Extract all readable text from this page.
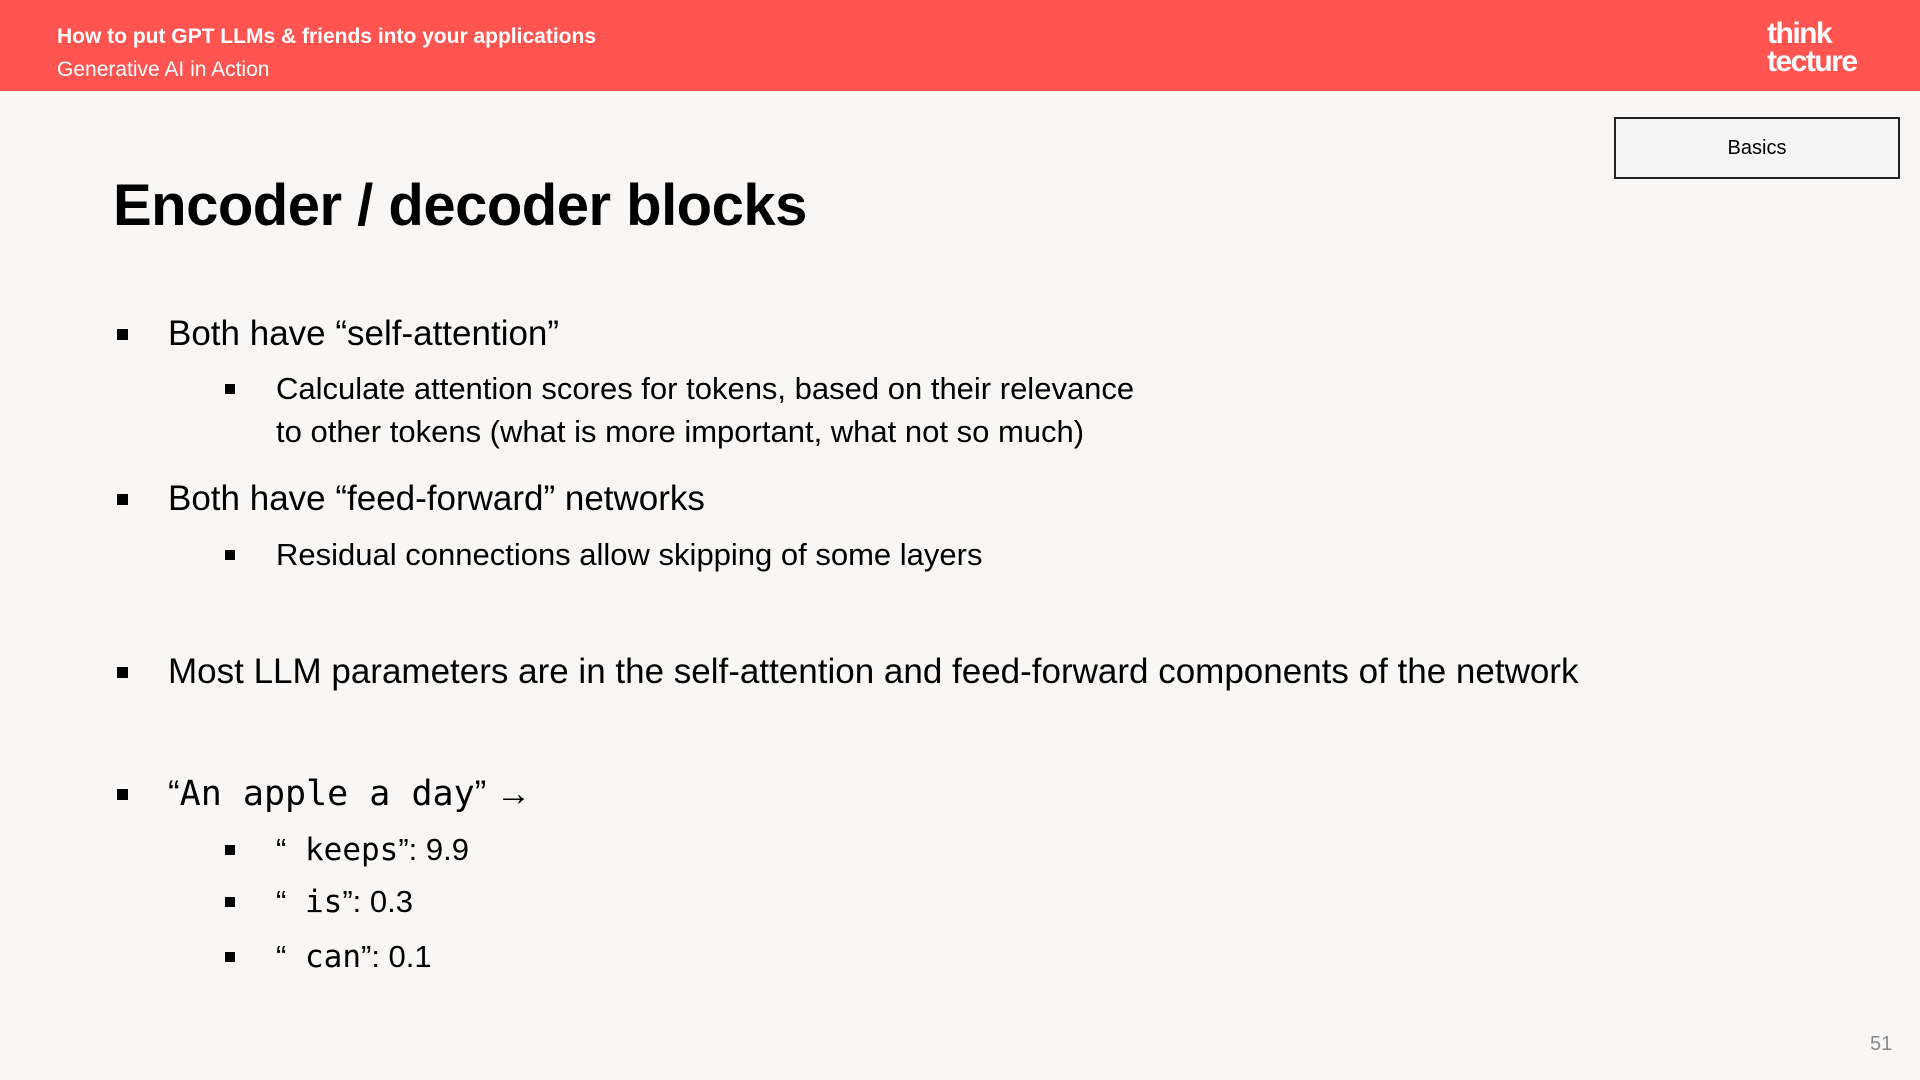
How to put GPT LLMs & friends into your applications
Generative AI in Action
think
tecture
Basics
Encoder / decoder blocks
Both have “self-attention”
Calculate attention scores for tokens, based on their relevance
to other tokens (what is more important, what not so much)
Both have “feed-forward” networks
Residual connections allow skipping of some layers
Most LLM parameters are in the self-attention and feed-forward components of the network
“An apple a day” →
“ keeps”: 9.9
“ is”: 0.3
“ can”: 0.1
51
